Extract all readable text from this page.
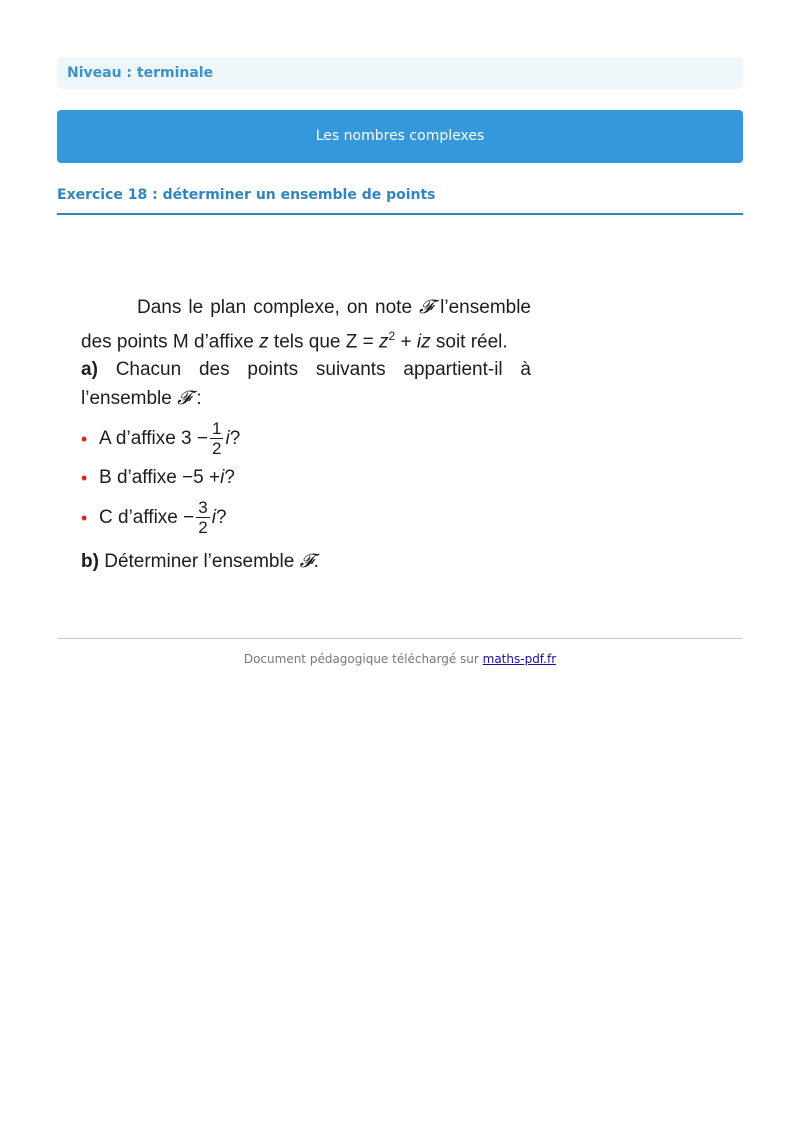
Niveau : terminale
Les nombres complexes
Exercice 18 : déterminer un ensemble de points
Dans le plan complexe, on note 𝓕 l’ensemble des points M d’affixe z tels que $Z = z^2$ + iz soit réel.
a) Chacun des points suivants appartient-il à
l’ensemble 𝓕 :
• A d’affixe $3 - \frac{1}{2}$ i ?
• B d’affixe −5 + i ?
• C d’affixe − $\frac{3}{2}$ i ?
b) Déterminer l’ensemble 𝓕.
Document pédagogique téléchargé sur maths-pdf.fr
